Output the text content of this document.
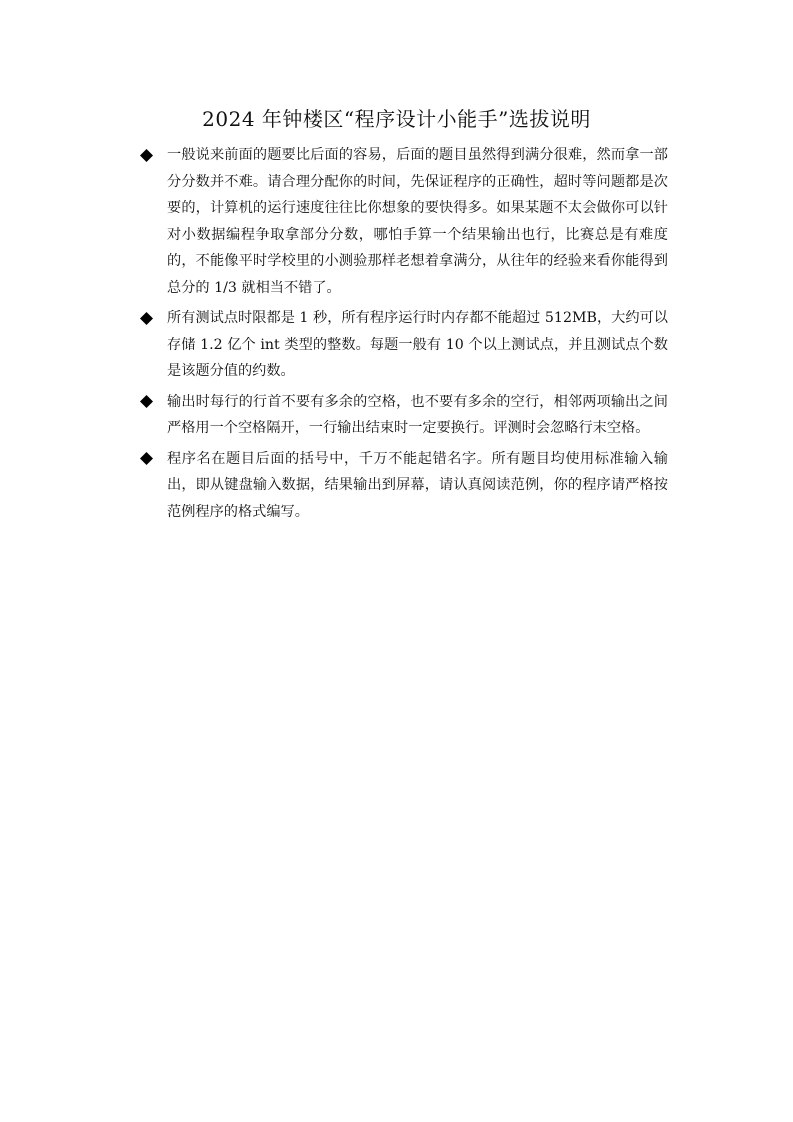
2024 年钟楼区“程序设计小能手”选拔说明
一般说来前面的题要比后面的容易，后面的题目虽然得到满分很难，然而拿一部分分数并不难。请合理分配你的时间，先保证程序的正确性，超时等问题都是次要的，计算机的运行速度往往比你想象的要快得多。如果某题不太会做你可以针对小数据编程争取拿部分分数，哪怕手算一个结果输出也行，比赛总是有难度的，不能像平时学校里的小测验那样老想着拿满分，从往年的经验来看你能得到总分的 1/3 就相当不错了。
所有测试点时限都是 1 秒，所有程序运行时内存都不能超过 512MB，大约可以存储 1.2 亿个 int 类型的整数。每题一般有 10 个以上测试点，并且测试点个数是该题分值的约数。
输出时每行的行首不要有多余的空格，也不要有多余的空行，相邻两项输出之间严格用一个空格隔开，一行输出结束时一定要换行。评测时会忽略行末空格。
程序名在题目后面的括号中，千万不能起错名字。所有题目均使用标准输入输出，即从键盘输入数据，结果输出到屏幕，请认真阅读范例，你的程序请严格按范例程序的格式编写。
